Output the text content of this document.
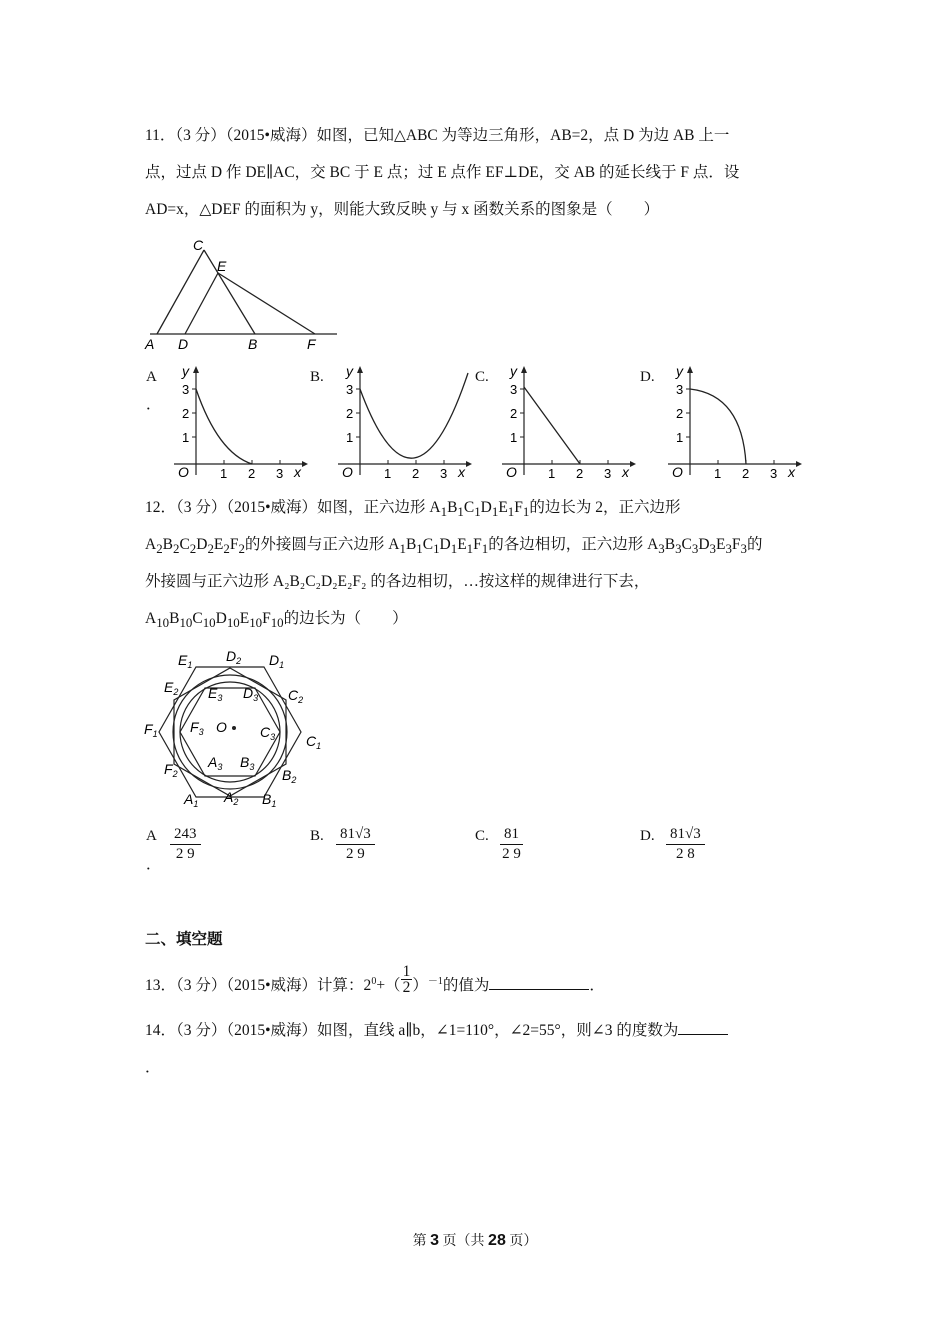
11．（3 分）（2015•威海）如图，已知△ABC 为等边三角形，AB=2，点 D 为边 AB 上一
点，过点 D 作 DE∥AC，交 BC 于 E 点；过 E 点作 EF⊥DE，交 AB 的延长线于 F 点．设
AD=x，△DEF 的面积为 y，则能大致反映 y 与 x 函数关系的图象是（　　）
C
E
A D	B	F
A
．
B.	C.	D.
y
3
2
1
O 1 2 3 x
y
3
2
1
O 1 2 3 x
y
3
2
1
O 1 2 3 x
y
3
2
1
O 1 2 3 x
12．（3 分）（2015•威海）如图，正六边形 $A_1B_1C_1D_1E_1F_1$的边长为 2，正六边形
$A_2B_2C_2D_2E_2F_2$的外接圆与正六边形 $A_1B_1C_1D_1E_1F_1$的各边相切，正六边形 $A_3B_3C_3D_3E_3F_3$的
外接圆与正六边形 A₂B₂C₂D₂E₂F₂ 的各边相切，…按这样的规律进行下去，
$A_{10}B_{10}C_{10}D_{10}E_{10}F_{10}$的边长为（　　）
$E_1$
$D_2$ $D_1$
$E_2$ $E_3$ $D_3$ $C_2$
$F_1$ $F_3$ O $C_3$ $C_1$
$F_2$
$A_3$ $B_3$ $B_2$
$A_1$ $A_2$ $B_1$
A
．
$\frac{243}{2 9}$	B. $\frac{81√3}{2 9}$	C. $\frac{81}{2 9}$	D. $\frac{81√3}{2 8}$
二、填空题
13．（3 分）（2015•威海）计算：$2^0+( \frac{1}{2} )^{-1}$的值为	．
14．（3 分）（2015•威海）如图，直线 a∥b，∠1=110°，∠2=55°，则∠3 的度数为
．
第 3 页（共 28 页）
